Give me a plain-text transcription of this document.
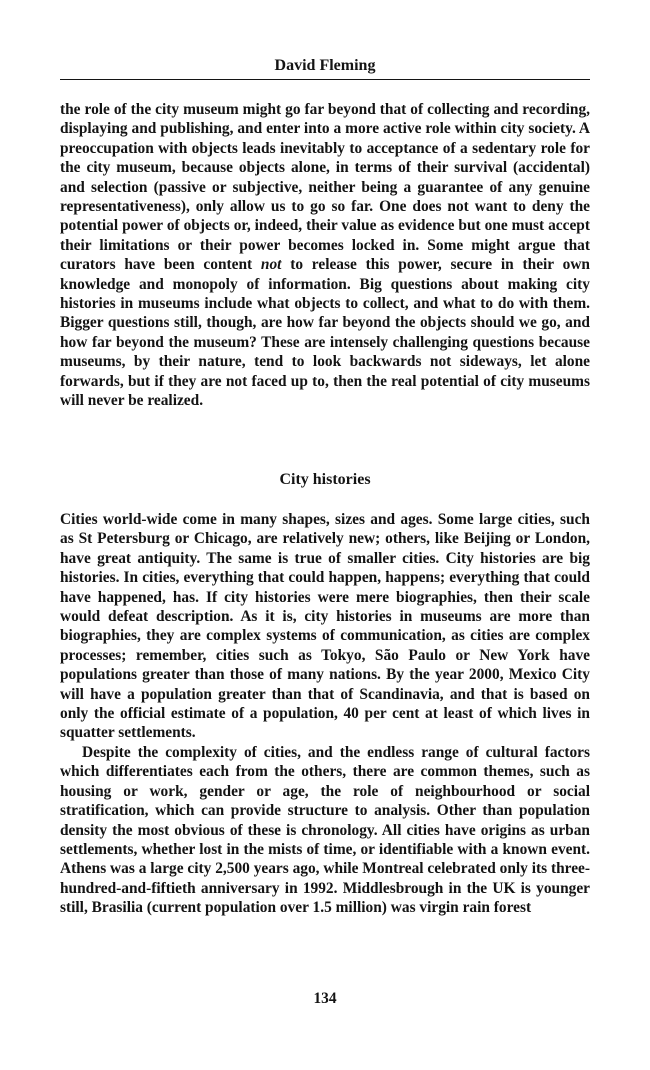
David Fleming

the role of the city museum might go far beyond that of collecting and recording, displaying and publishing, and enter into a more active role within city society. A preoccupation with objects leads inevitably to acceptance of a sedentary role for the city museum, because objects alone, in terms of their survival (accidental) and selection (passive or subjective, neither being a guarantee of any genuine representativeness), only allow us to go so far. One does not want to deny the potential power of objects or, indeed, their value as evidence but one must accept their limitations or their power becomes locked in. Some might argue that curators have been content not to release this power, secure in their own knowledge and monopoly of information. Big questions about making city histories in museums include what objects to collect, and what to do with them. Bigger questions still, though, are how far beyond the objects should we go, and how far beyond the museum? These are intensely challenging questions because museums, by their nature, tend to look backwards not sideways, let alone forwards, but if they are not faced up to, then the real potential of city museums will never be realized.

City histories

Cities world-wide come in many shapes, sizes and ages. Some large cities, such as St Petersburg or Chicago, are relatively new; others, like Beijing or London, have great antiquity. The same is true of smaller cities. City histories are big histories. In cities, everything that could happen, happens; everything that could have happened, has. If city histories were mere biographies, then their scale would defeat description. As it is, city histories in museums are more than biographies, they are complex systems of communication, as cities are complex processes; remember, cities such as Tokyo, São Paulo or New York have populations greater than those of many nations. By the year 2000, Mexico City will have a population greater than that of Scandinavia, and that is based on only the official estimate of a population, 40 per cent at least of which lives in squatter settlements.

Despite the complexity of cities, and the endless range of cultural factors which differentiates each from the others, there are common themes, such as housing or work, gender or age, the role of neighbourhood or social stratification, which can provide structure to analysis. Other than population density the most obvious of these is chronology. All cities have origins as urban settlements, whether lost in the mists of time, or identifiable with a known event. Athens was a large city 2,500 years ago, while Montreal celebrated only its three-hundred-and-fiftieth anniversary in 1992. Middlesbrough in the UK is younger still, Brasilia (current population over 1.5 million) was virgin rain forest

134
